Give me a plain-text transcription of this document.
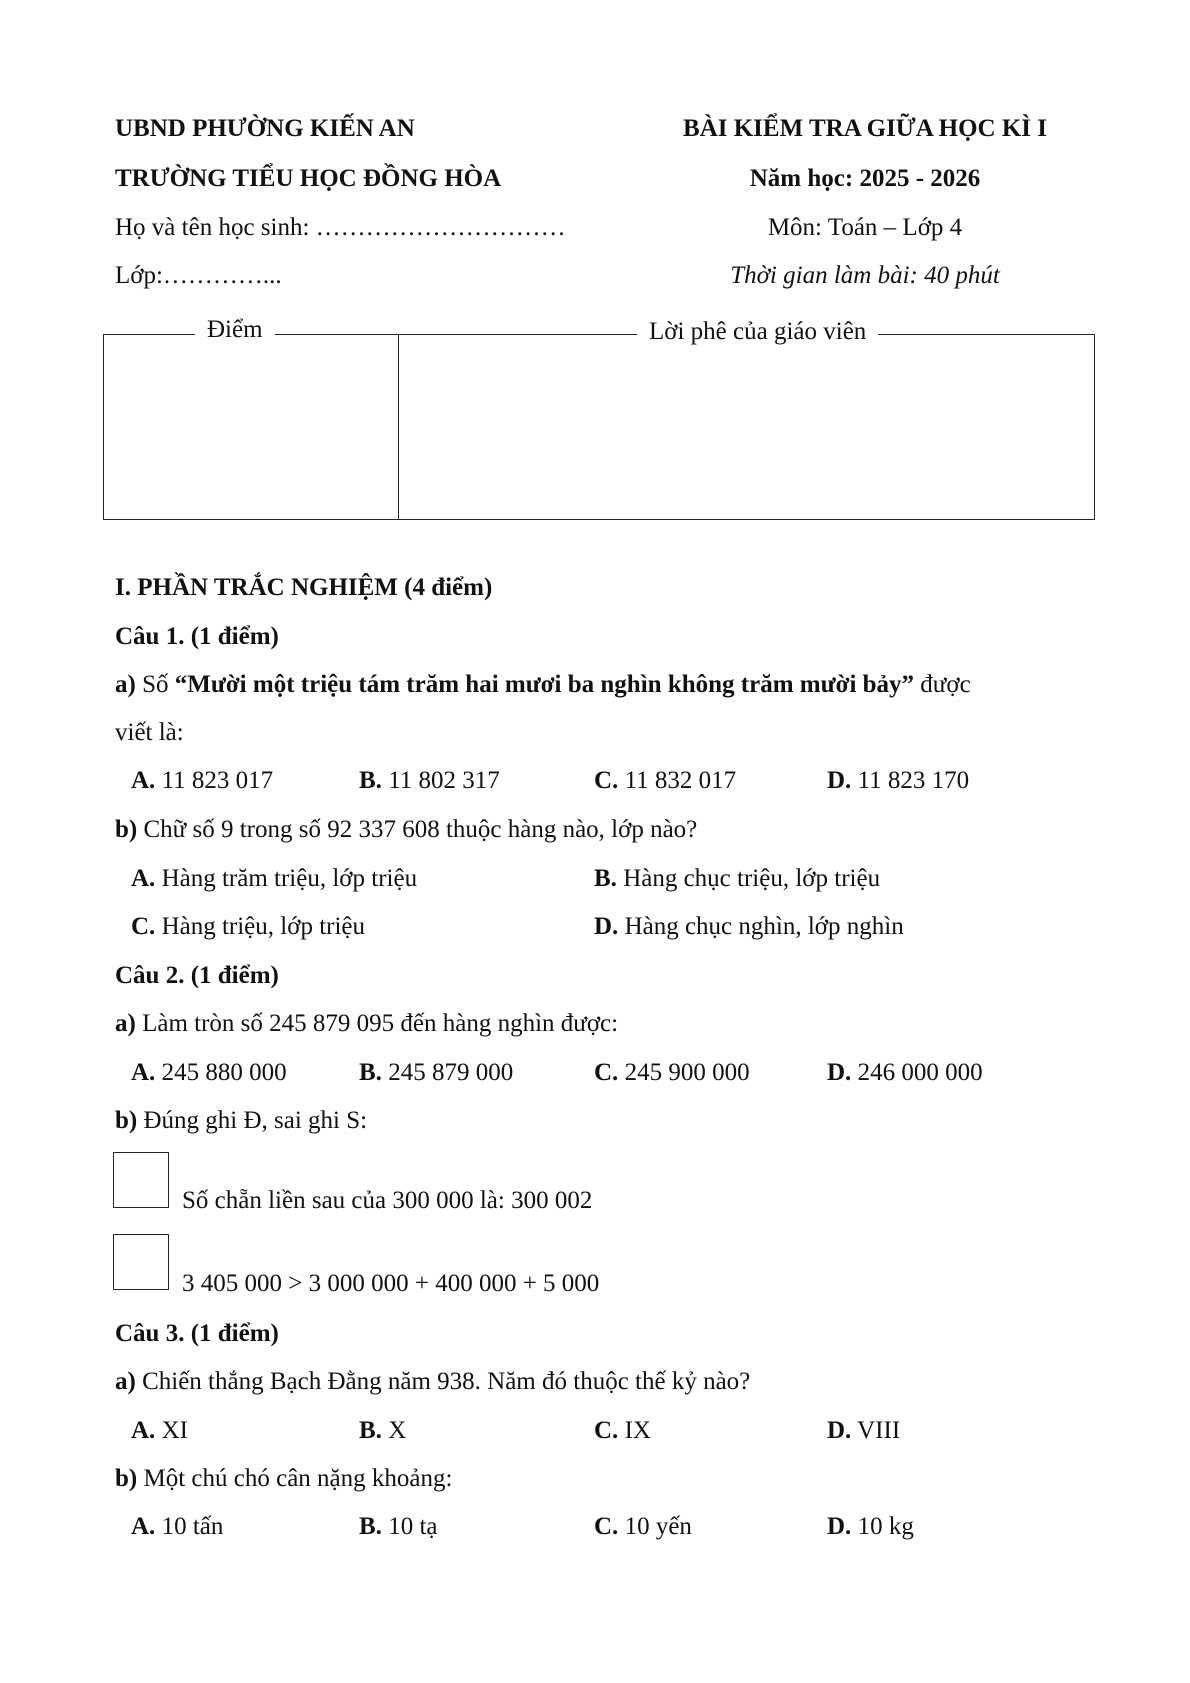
UBND PHƯỜNG KIẾN AN
TRƯỜNG TIỂU HỌC ĐỒNG HÒA
Họ và tên học sinh: …………………………
Lớp:…………...
BÀI KIỂM TRA GIỮA HỌC KÌ I
Năm học: 2025 - 2026
Môn: Toán – Lớp 4
Thời gian làm bài: 40 phút
Điểm	Lời phê của giáo viên
I. PHẦN TRẮC NGHIỆM (4 điểm)
Câu 1. (1 điểm)
a) Số “Mười một triệu tám trăm hai mươi ba nghìn không trăm mười bảy” được
viết là:
A. 11 823 017	B. 11 802 317	C. 11 832 017	D. 11 823 170
b) Chữ số 9 trong số 92 337 608 thuộc hàng nào, lớp nào?
A. Hàng trăm triệu, lớp triệu	B. Hàng chục triệu, lớp triệu
C. Hàng triệu, lớp triệu	D. Hàng chục nghìn, lớp nghìn
Câu 2. (1 điểm)
a) Làm tròn số 245 879 095 đến hàng nghìn được:
A. 245 880 000	B. 245 879 000	C. 245 900 000	D. 246 000 000
b) Đúng ghi Đ, sai ghi S:
Số chẵn liền sau của 300 000 là: 300 002
3 405 000 > 3 000 000 + 400 000 + 5 000
Câu 3. (1 điểm)
a) Chiến thắng Bạch Đằng năm 938. Năm đó thuộc thế kỷ nào?
A. XI	B. X	C. IX	D. VIII
b) Một chú chó cân nặng khoảng:
A. 10 tấn	B. 10 tạ	C. 10 yến	D. 10 kg
